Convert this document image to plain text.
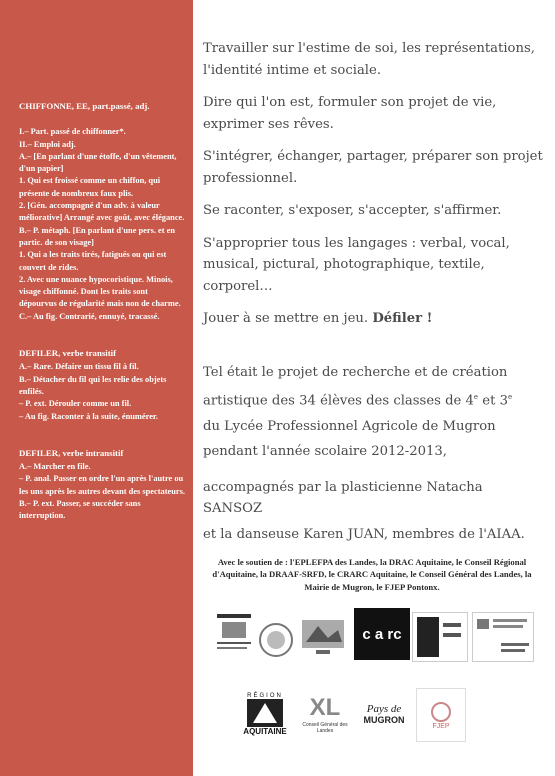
CHIFFONNE, EE, part.passé, adj.

I.– Part. passé de chiffonner*.

II.– Emploi adj.

A.– [En parlant d'une étoffe, d'un vêtement, d'un papier]

1. Qui est froissé comme un chiffon, qui présente de nombreux faux plis.

2. [Gén. accompagné d'un adv. à valeur méliorative] Arrangé avec goût, avec élégance.

B.– P. métaph. [En parlant d'une pers. et en partic. de son visage]

1. Qui a les traits tirés, fatigués ou qui est couvert de rides.

2. Avec une nuance hypocoristique. Minois, visage chiffonné. Dont les traits sont dépourvus de régularité mais non de charme.

C.– Au fig. Contrarié, ennuyé, tracassé.

DEFILER, verbe transitif

A.– Rare. Défaire un tissu fil à fil.

B.– Détacher du fil qui les relie des objets enfilés.

– P. ext. Dérouler comme un fil.

– Au fig. Raconter à la suite, énumérer.

DEFILER, verbe intransitif

A.– Marcher en file.

– P. anal. Passer en ordre l'un après l'autre ou les uns après les autres devant des spectateurs.

B.– P. ext. Passer, se succéder sans interruption.

Travailler sur l'estime de soi, les représentations, l'identité intime et sociale.

Dire qui l'on est, formuler son projet de vie, exprimer ses rêves.

S'intégrer, échanger, partager, préparer son projet professionnel.

Se raconter, s'exposer, s'accepter, s'affirmer.

S'approprier tous les langages : verbal, vocal, musical, pictural, photographique, textile, corporel…

Jouer à se mettre en jeu. Défiler !

Tel était le projet de recherche et de création

artistique des 34 élèves des classes de 4e et 3e

du Lycée Professionnel Agricole de Mugron

pendant l'année scolaire 2012-2013,

accompagnés par la plasticienne Natacha SANSOZ

et la danseuse Karen JUAN, membres de l'AIAA.

Avec le soutien de : l'EPLEFPA des Landes, la DRAC Aquitaine, le Conseil Régional d'Aquitaine, la DRAAF-SRFD, le CRARC Aquitaine, le Conseil Général des Landes, la Mairie de Mugron, le FJEP Pontonx.
c a rc
RÉGION
AQUITAINE
XL
Conseil Général des Landes
Pays de
MUGRON
FJEP
